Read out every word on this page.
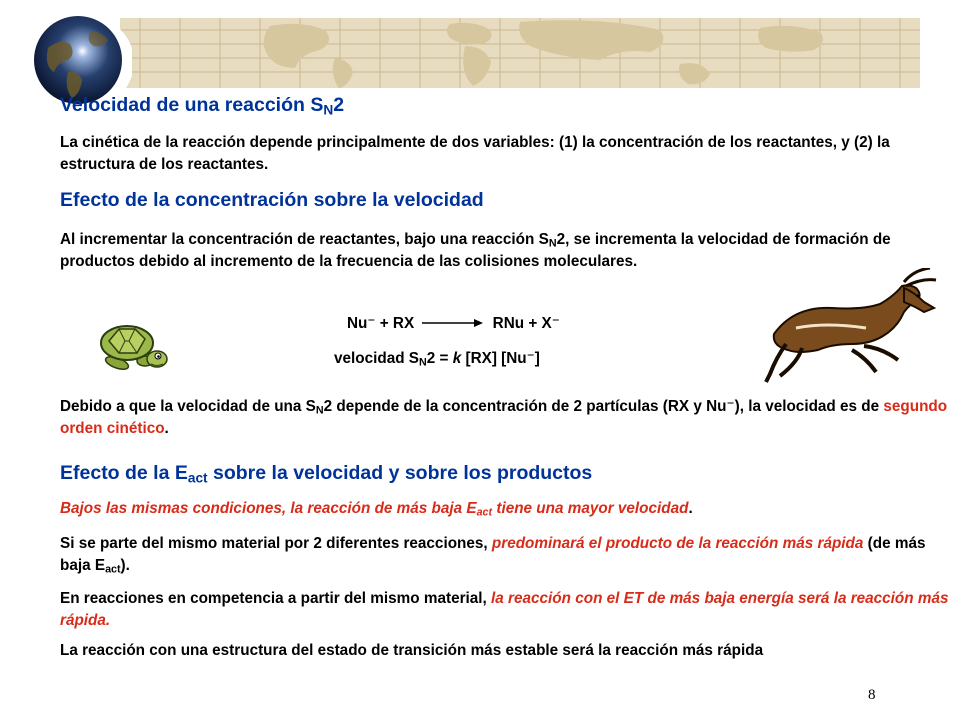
Velocidad de una reacción $S_N2$
La cinética de la reacción depende principalmente de dos variables: (1) la concentración de los reactantes, y (2) la estructura de los reactantes.
Efecto de la concentración sobre la velocidad
Al incrementar la concentración de reactantes, bajo una reacción $S_N2$, se incrementa la velocidad de formación de productos debido al incremento de la frecuencia de las colisiones moleculares.
Nu⁻ + RX	RNu + X⁻
velocidad $S_N2 = k$ [RX] [Nu⁻]
Debido a que la velocidad de una $S_N2$ depende de la concentración de 2 partículas (RX y Nu⁻), la velocidad es de segundo orden cinético.
Efecto de la $E_{act}$ sobre la velocidad y sobre los productos
Bajos las mismas condiciones, la reacción de más baja $E_{act}$ tiene una mayor velocidad.
Si se parte del mismo material por 2 diferentes reacciones, predominará el producto de la reacción más rápida (de más baja $E_{act}$).
En reacciones en competencia a partir del mismo material, la reacción con el ET de más baja energía será la reacción más rápida.
La reacción con una estructura del estado de transición más estable será la reacción más rápida
8
